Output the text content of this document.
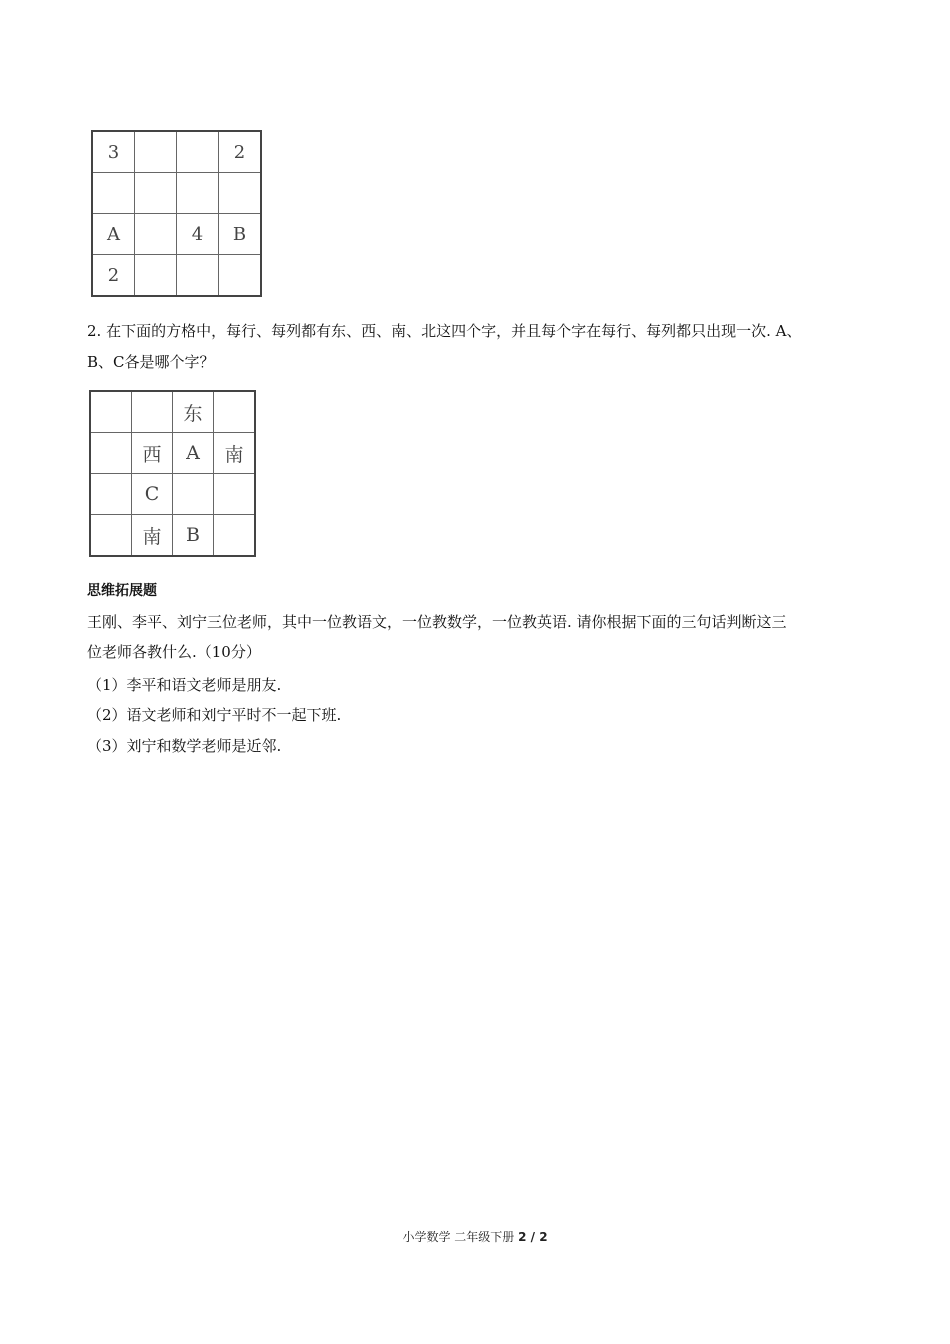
3			2

A		4	B
2			
2. 在下面的方格中，每行、每列都有东、西、南、北这四个字，并且每个字在每行、每列都只出现一次. A、
B、C各是哪个字？
		东	
	西	A	南
	C		
	南	B	
思维拓展题
王刚、李平、刘宁三位老师，其中一位教语文，一位教数学，一位教英语. 请你根据下面的三句话判断这三
位老师各教什么.（10分）
（1）李平和语文老师是朋友.
（2）语文老师和刘宁平时不一起下班.
（3）刘宁和数学老师是近邻.
小学数学 二年级下册 2 / 2
